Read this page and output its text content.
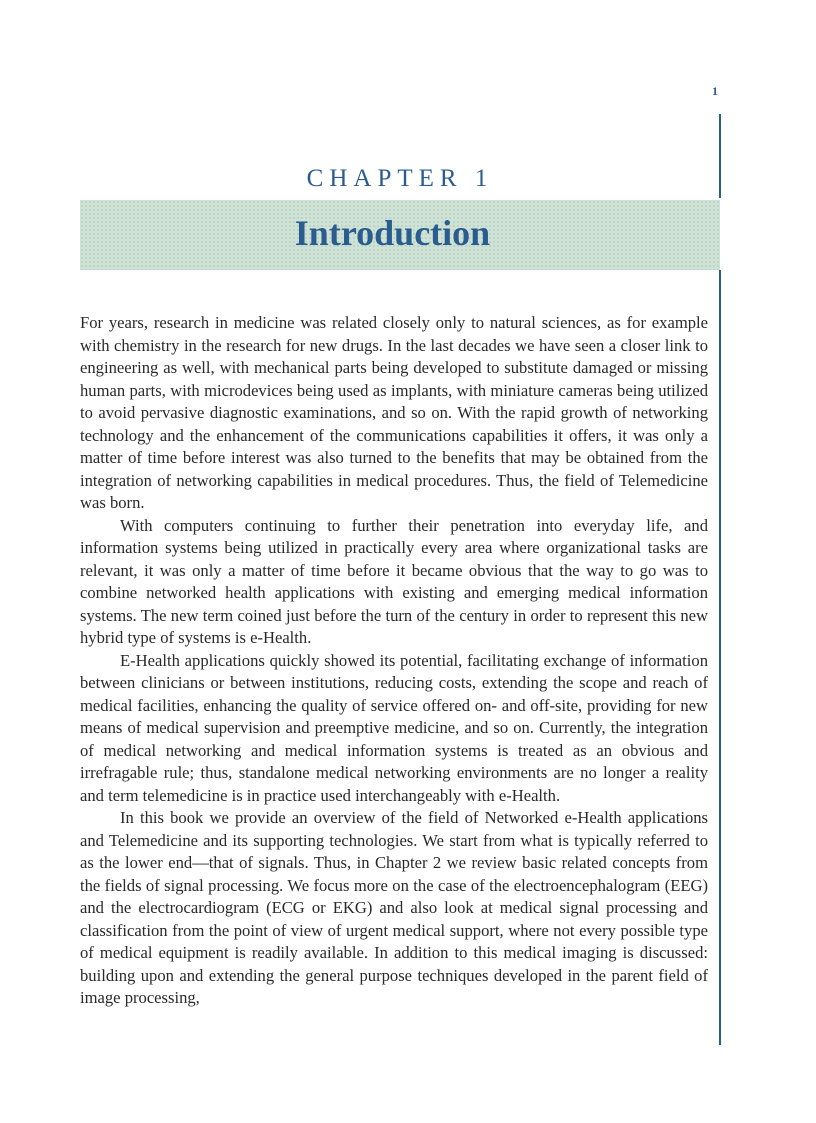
1
CHAPTER 1
Introduction

For years, research in medicine was related closely only to natural sciences, as for example with chemistry in the research for new drugs. In the last decades we have seen a closer link to engineering as well, with mechanical parts being developed to substitute damaged or missing human parts, with microdevices being used as implants, with miniature cameras being utilized to avoid pervasive diagnostic examinations, and so on. With the rapid growth of networking technology and the enhancement of the communications capabilities it offers, it was only a matter of time before interest was also turned to the benefits that may be obtained from the integration of networking capabilities in medical procedures. Thus, the field of Telemedicine was born.

With computers continuing to further their penetration into everyday life, and information systems being utilized in practically every area where organizational tasks are relevant, it was only a matter of time before it became obvious that the way to go was to combine networked health applications with existing and emerging medical information systems. The new term coined just before the turn of the century in order to represent this new hybrid type of systems is e-Health.

E-Health applications quickly showed its potential, facilitating exchange of information between clinicians or between institutions, reducing costs, extending the scope and reach of medical facilities, enhancing the quality of service offered on- and off-site, providing for new means of medical supervision and preemptive medicine, and so on. Currently, the integration of medical networking and medical information systems is treated as an obvious and irrefragable rule; thus, standalone medical networking environments are no longer a reality and term telemedicine is in practice used interchangeably with e-Health.

In this book we provide an overview of the field of Networked e-Health applications and Telemedicine and its supporting technologies. We start from what is typically referred to as the lower end—that of signals. Thus, in Chapter 2 we review basic related concepts from the fields of signal processing. We focus more on the case of the electroencephalogram (EEG) and the electrocardiogram (ECG or EKG) and also look at medical signal processing and classification from the point of view of urgent medical support, where not every possible type of medical equipment is readily available. In addition to this medical imaging is discussed: building upon and extending the general purpose techniques developed in the parent field of image processing,
